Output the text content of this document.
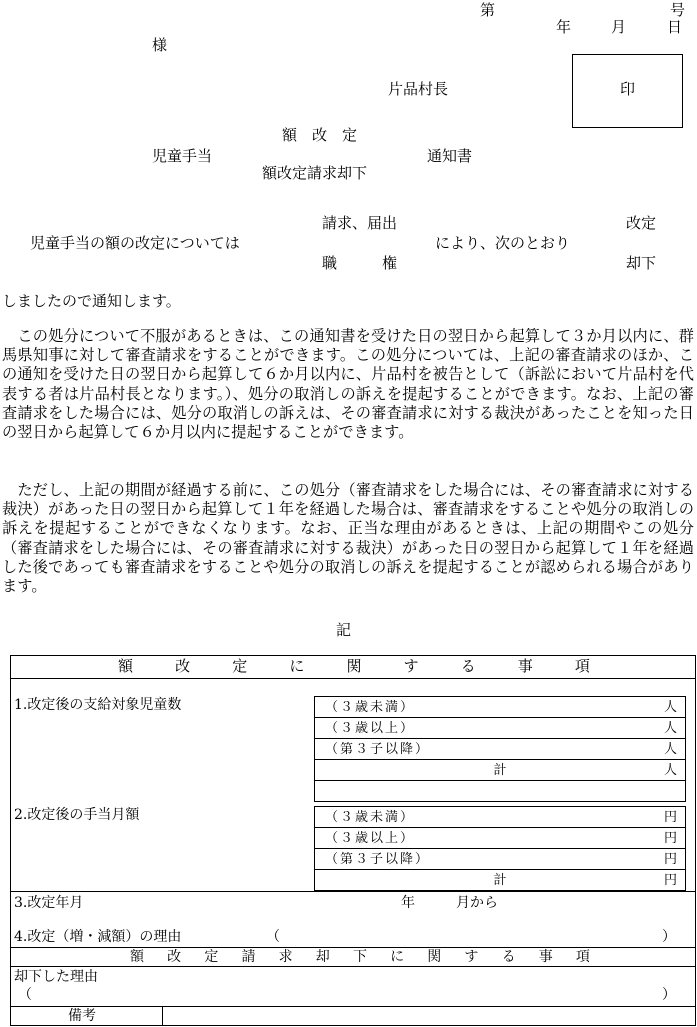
第	号
年	月	日
様
片品村長	印
額　改　定
児童手当	通知書
額改定請求却下
請求、届出	改定
児童手当の額の改定については	により、次のとおり
職　　　権	却下
しましたので通知します。
　この処分について不服があるときは、この通知書を受けた日の翌日から起算して３か月以内に、群馬県知事に対して審査請求をすることができます。この処分については、上記の審査請求のほか、この通知を受けた日の翌日から起算して６か月以内に、片品村を被告として（訴訟において片品村を代表する者は片品村長となります。）、処分の取消しの訴えを提起することができます。なお、上記の審査請求をした場合には、処分の取消しの訴えは、その審査請求に対する裁決があったことを知った日の翌日から起算して６か月以内に提起することができます。
　ただし、上記の期間が経過する前に、この処分（審査請求をした場合には、その審査請求に対する裁決）があった日の翌日から起算して１年を経過した場合は、審査請求をすることや処分の取消しの訴えを提起することができなくなります。なお、正当な理由があるときは、上記の期間やこの処分（審査請求をした場合には、その審査請求に対する裁決）があった日の翌日から起算して１年を経過した後であっても審査請求をすることや処分の取消しの訴えを提起することが認められる場合があります。
記
額	改	定	に	関	す	る	事	項
1.改定後の支給対象児童数	（３歳未満）	人
（３歳以上）	人
（第３子以降）	人
計	人
2.改定後の手当月額	（３歳未満）	円
（３歳以上）	円
（第３子以降）	円
計	円
3.改定年月	年	月から
4.改定（増・減額）の理由	（	）
額 改 定 請 求 却 下 に 関 す る 事 項
却下した理由
（	）
備考
